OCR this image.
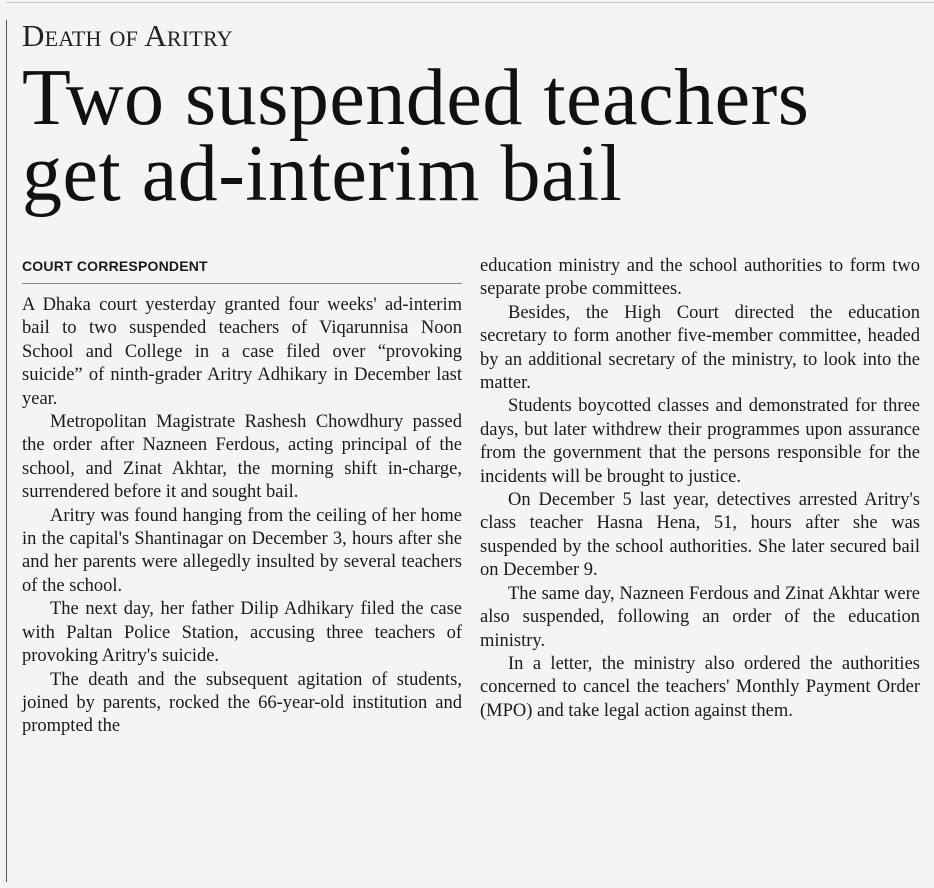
Death of Aritry
Two suspended teachers
get ad-interim bail
COURT CORRESPONDENT

A Dhaka court yesterday granted four weeks' ad-interim bail to two suspended teachers of Viqarunnisa Noon School and College in a case filed over “provoking suicide” of ninth-grader Aritry Adhikary in December last year.

Metropolitan Magistrate Rashesh Chowdhury passed the order after Nazneen Ferdous, acting principal of the school, and Zinat Akhtar, the morning shift in-charge, surrendered before it and sought bail.

Aritry was found hanging from the ceiling of her home in the capital's Shantinagar on December 3, hours after she and her parents were allegedly insulted by several teachers of the school.

The next day, her father Dilip Adhikary filed the case with Paltan Police Station, accusing three teachers of provoking Aritry's suicide.

The death and the subsequent agitation of students, joined by parents, rocked the 66-year-old institution and prompted the

education ministry and the school authorities to form two separate probe committees.

Besides, the High Court directed the education secretary to form another five-member committee, headed by an additional secretary of the ministry, to look into the matter.

Students boycotted classes and demonstrated for three days, but later withdrew their programmes upon assurance from the government that the persons responsible for the incidents will be brought to justice.

On December 5 last year, detectives arrested Aritry's class teacher Hasna Hena, 51, hours after she was suspended by the school authorities. She later secured bail on December 9.

The same day, Nazneen Ferdous and Zinat Akhtar were also suspended, following an order of the education ministry.

In a letter, the ministry also ordered the authorities concerned to cancel the teachers' Monthly Payment Order (MPO) and take legal action against them.
